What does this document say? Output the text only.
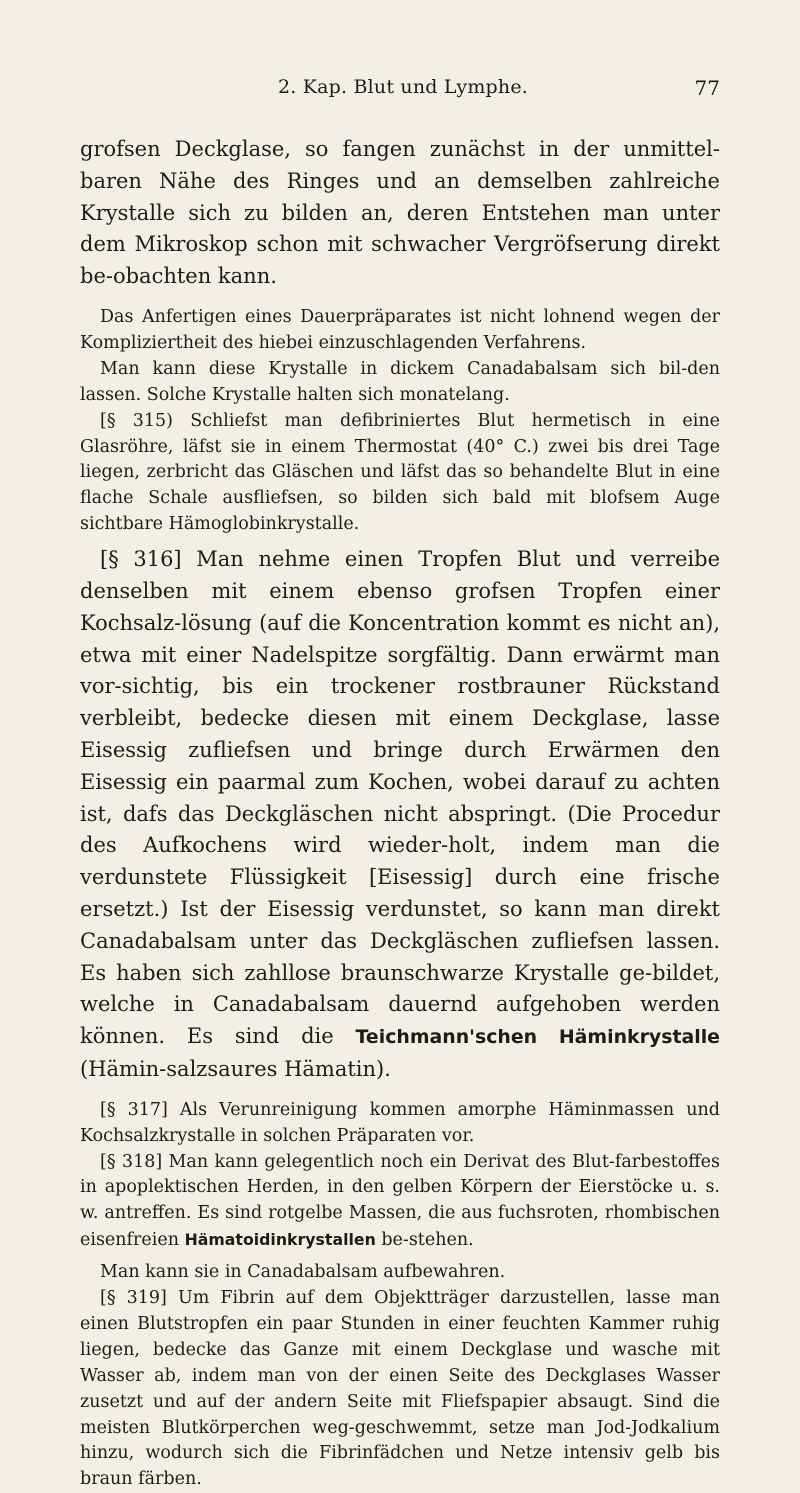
2. Kap. Blut und Lymphe.	77

grofsen Deckglase, so fangen zunächst in der unmittel-baren Nähe des Ringes und an demselben zahlreiche Krystalle sich zu bilden an, deren Entstehen man unter dem Mikroskop schon mit schwacher Vergröfserung direkt be-obachten kann.

Das Anfertigen eines Dauerpräparates ist nicht lohnend wegen der Kompliziertheit des hiebei einzuschlagenden Verfahrens.

Man kann diese Krystalle in dickem Canadabalsam sich bil-den lassen. Solche Krystalle halten sich monatelang.

[§ 315) Schliefst man defibriniertes Blut hermetisch in eine Glasröhre, läfst sie in einem Thermostat (40° C.) zwei bis drei Tage liegen, zerbricht das Gläschen und läfst das so behandelte Blut in eine flache Schale ausfliefsen, so bilden sich bald mit blofsem Auge sichtbare Hämoglobinkrystalle.

[§ 316] Man nehme einen Tropfen Blut und verreibe denselben mit einem ebenso grofsen Tropfen einer Kochsalz-lösung (auf die Koncentration kommt es nicht an), etwa mit einer Nadelspitze sorgfältig. Dann erwärmt man vor-sichtig, bis ein trockener rostbrauner Rückstand verbleibt, bedecke diesen mit einem Deckglase, lasse Eisessig zufliefsen und bringe durch Erwärmen den Eisessig ein paarmal zum Kochen, wobei darauf zu achten ist, dafs das Deckgläschen nicht abspringt. (Die Procedur des Aufkochens wird wieder-holt, indem man die verdunstete Flüssigkeit [Eisessig] durch eine frische ersetzt.) Ist der Eisessig verdunstet, so kann man direkt Canadabalsam unter das Deckgläschen zufliefsen lassen. Es haben sich zahllose braunschwarze Krystalle ge-bildet, welche in Canadabalsam dauernd aufgehoben werden können. Es sind die Teichmann'schen Häminkrystalle (Hämin-salzsaures Hämatin).

[§ 317] Als Verunreinigung kommen amorphe Häminmassen und Kochsalzkrystalle in solchen Präparaten vor.

[§ 318] Man kann gelegentlich noch ein Derivat des Blut-farbestoffes in apoplektischen Herden, in den gelben Körpern der Eierstöcke u. s. w. antreffen. Es sind rotgelbe Massen, die aus fuchsroten, rhombischen eisenfreien Hämatoidinkrystallen be-stehen.

Man kann sie in Canadabalsam aufbewahren.

[§ 319] Um Fibrin auf dem Objektträger darzustellen, lasse man einen Blutstropfen ein paar Stunden in einer feuchten Kammer ruhig liegen, bedecke das Ganze mit einem Deckglase und wasche mit Wasser ab, indem man von der einen Seite des Deckglases Wasser zusetzt und auf der andern Seite mit Fliefspapier absaugt. Sind die meisten Blutkörperchen weg-geschwemmt, setze man Jod-Jodkalium hinzu, wodurch sich die Fibrinfädchen und Netze intensiv gelb bis braun färben.
